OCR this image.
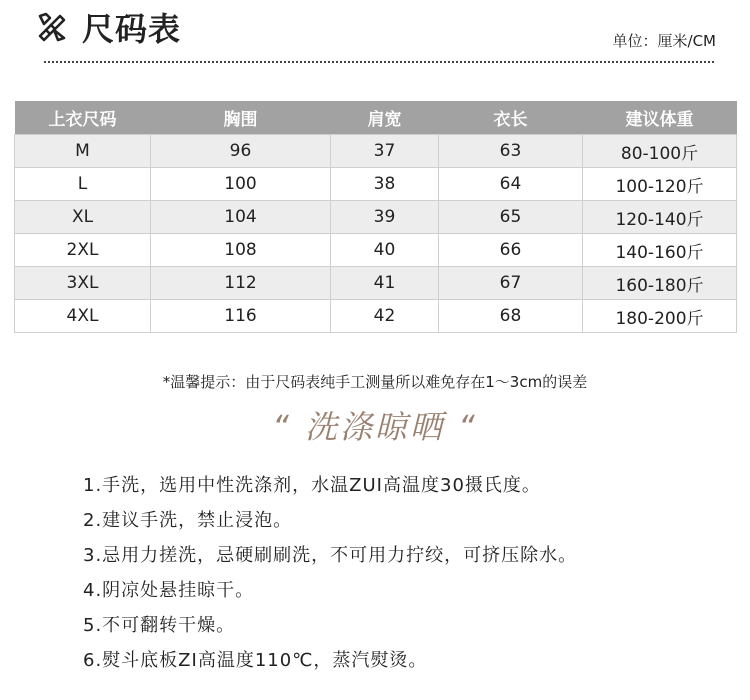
尺码表	单位：厘米/CM
上衣尺码	胸围	肩宽	衣长	建议体重
M	96	37	63	80-100斤
L	100	38	64	100-120斤
XL	104	39	65	120-140斤
2XL	108	40	66	140-160斤
3XL	112	41	67	160-180斤
4XL	116	42	68	180-200斤
*温馨提示：由于尺码表纯手工测量所以难免存在1～3cm的误差
“ 洗涤晾晒 “
1.手洗，选用中性洗涤剂，水温ZUI高温度30摄氏度。
2.建议手洗，禁止浸泡。
3.忌用力搓洗，忌硬刷刷洗，不可用力拧绞，可挤压除水。
4.阴凉处悬挂晾干。
5.不可翻转干燥。
6.熨斗底板ZI高温度110℃，蒸汽熨烫。
